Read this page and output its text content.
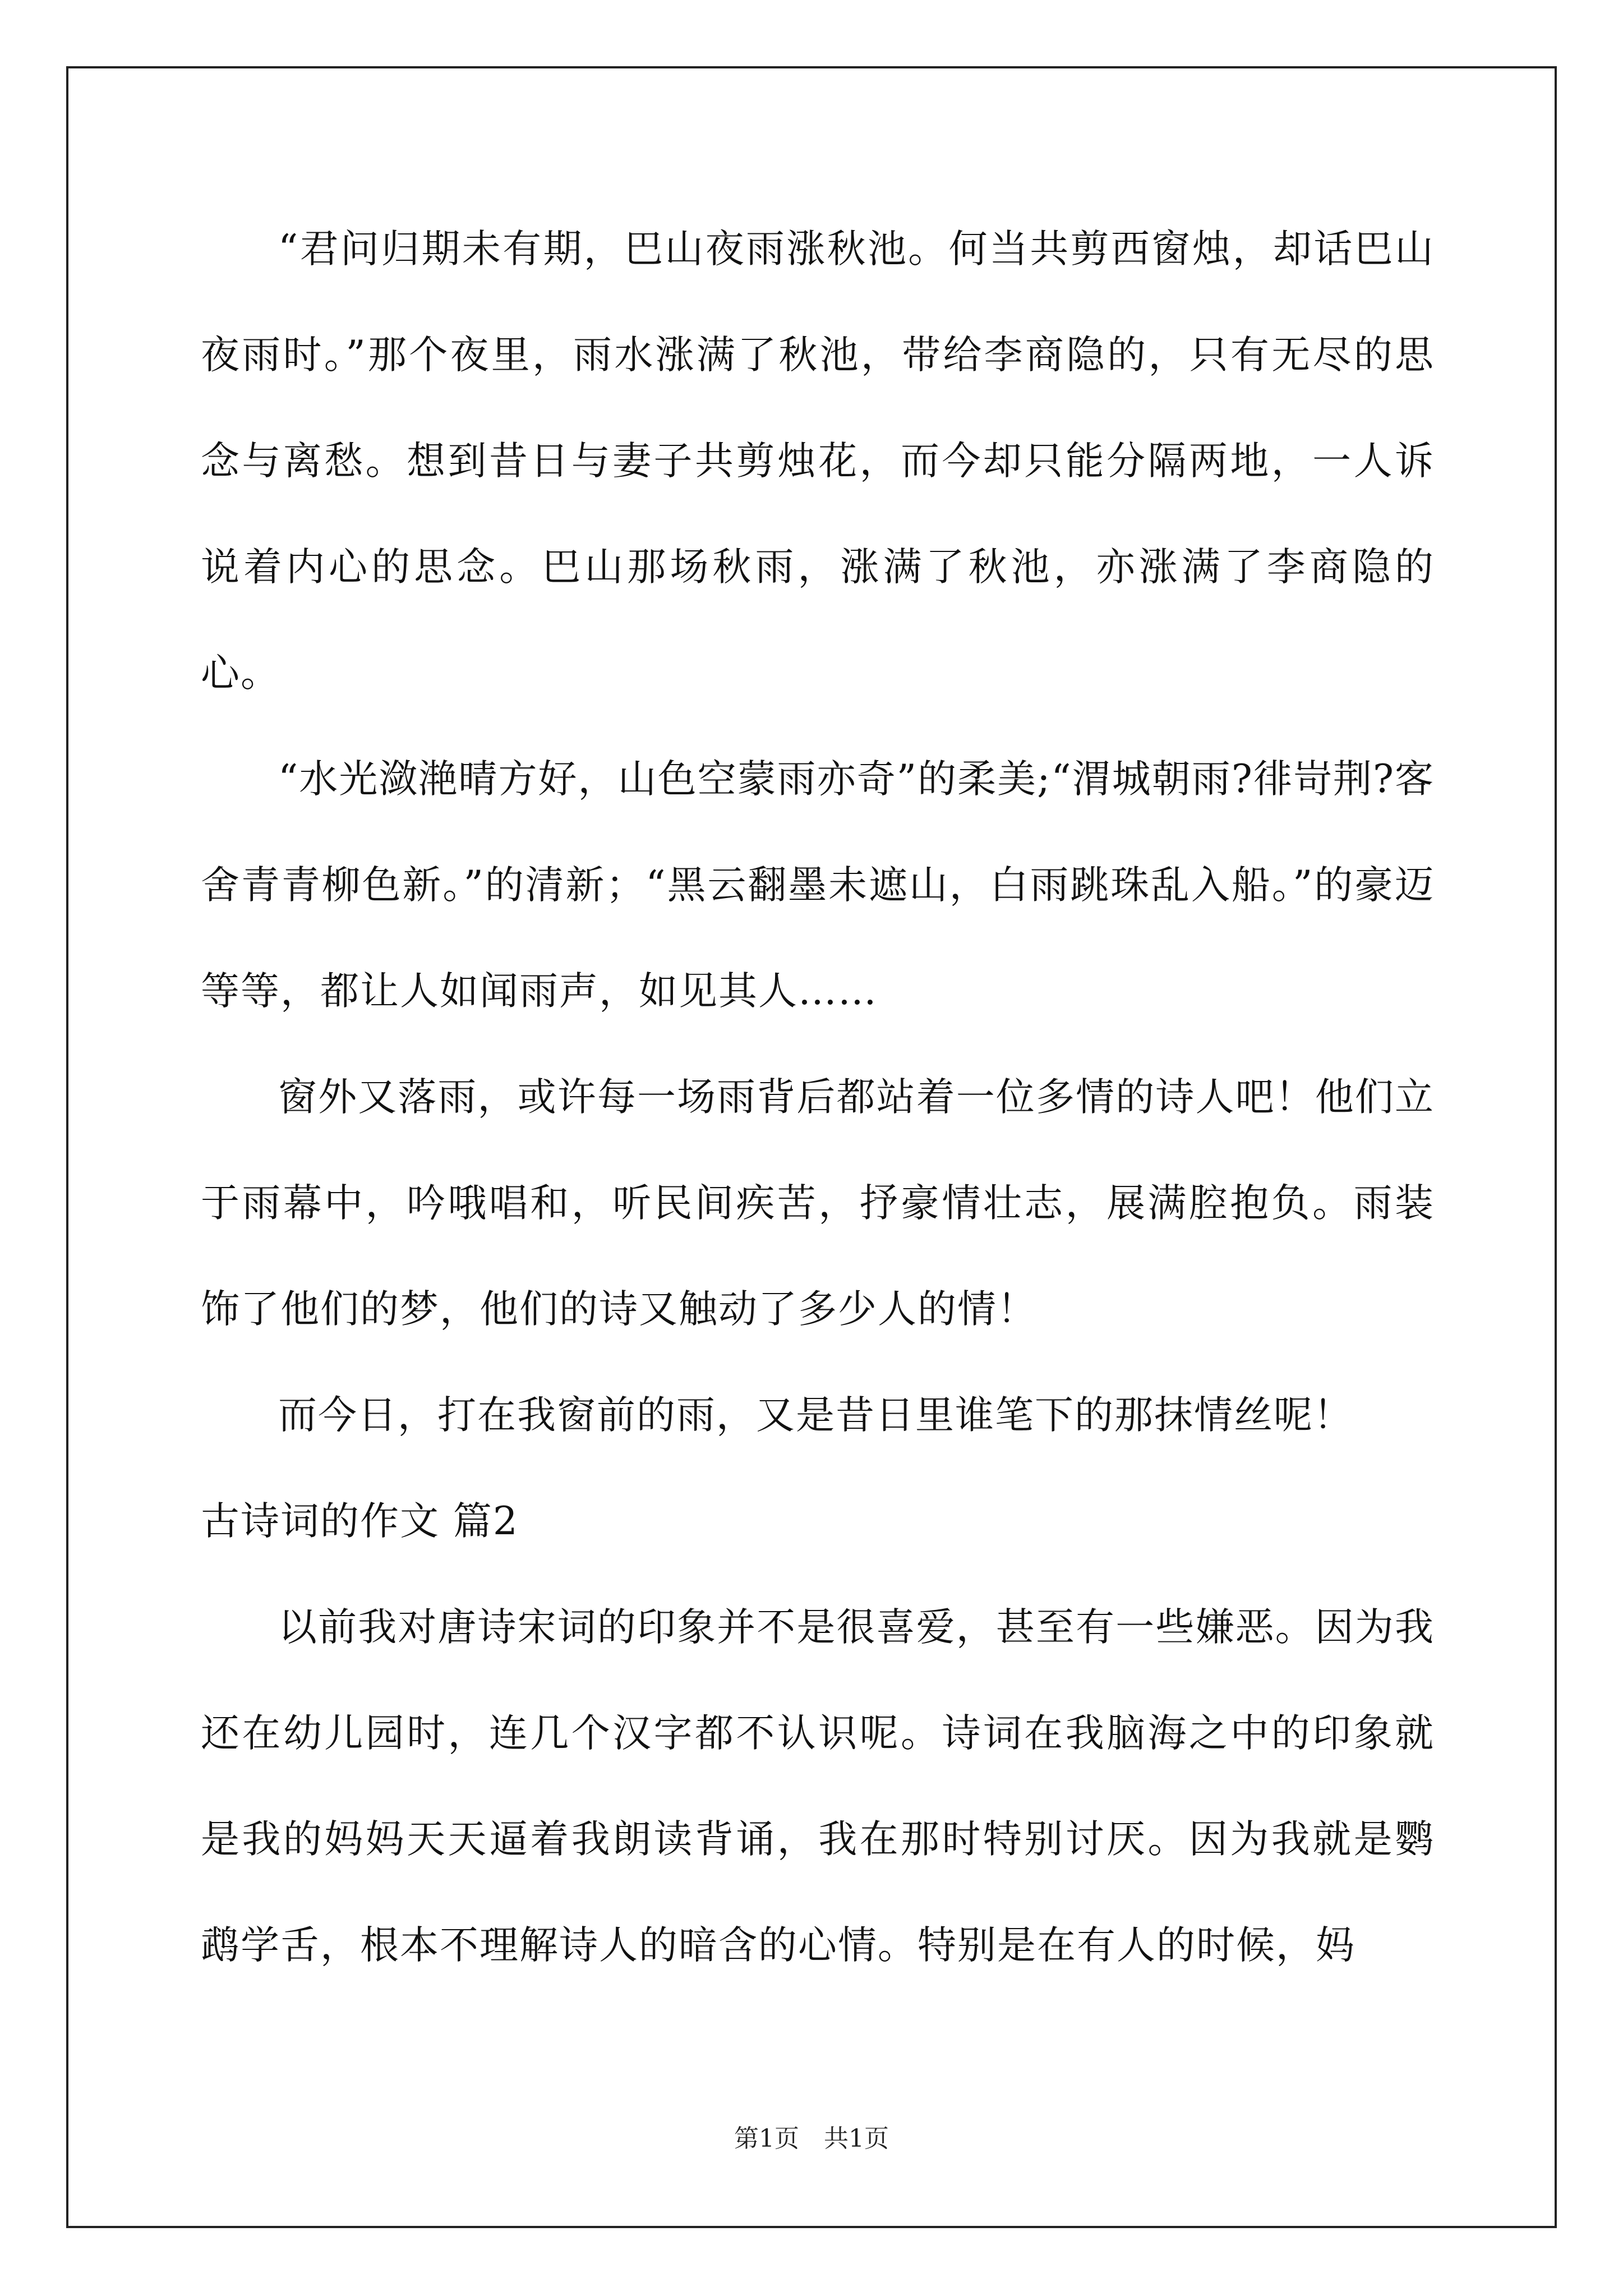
“君问归期未有期，巴山夜雨涨秋池。何当共剪西窗烛，却话巴山夜雨时。”那个夜里，雨水涨满了秋池，带给李商隐的，只有无尽的思念与离愁。想到昔日与妻子共剪烛花，而今却只能分隔两地，一人诉说着内心的思念。巴山那场秋雨，涨满了秋池，亦涨满了李商隐的心。

“水光潋滟晴方好，山色空蒙雨亦奇”的柔美;“渭城朝雨?徘岢荆?客舍青青柳色新。”的清新；“黑云翻墨未遮山，白雨跳珠乱入船。”的豪迈等等，都让人如闻雨声，如见其人……

窗外又落雨，或许每一场雨背后都站着一位多情的诗人吧！他们立于雨幕中，吟哦唱和，听民间疾苦，抒豪情壮志，展满腔抱负。雨装饰了他们的梦，他们的诗又触动了多少人的情！

而今日，打在我窗前的雨，又是昔日里谁笔下的那抹情丝呢！

古诗词的作文 篇2

以前我对唐诗宋词的印象并不是很喜爱，甚至有一些嫌恶。因为我还在幼儿园时，连几个汉字都不认识呢。诗词在我脑海之中的印象就是我的妈妈天天逼着我朗读背诵，我在那时特别讨厌。因为我就是鹦鹉学舌，根本不理解诗人的暗含的心情。特别是在有人的时候，妈

第1页　共1页
